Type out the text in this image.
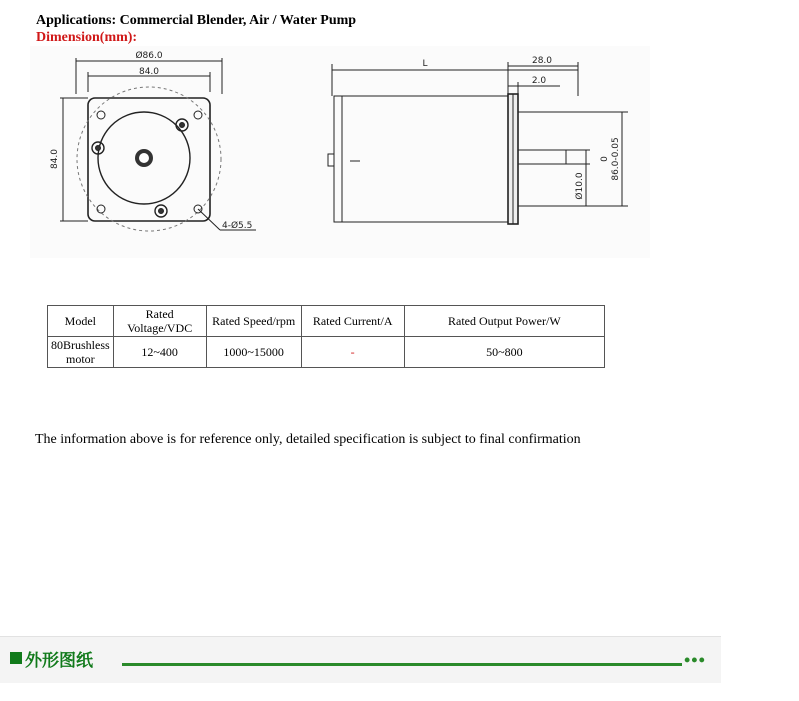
Applications: Commercial Blender, Air / Water Pump
Dimension(mm):
Ø86.0
84.0
84.0
4-Ø5.5
L	28.0
2.0
Ø10.0
0 86.0-0.05
Model	Rated Voltage/VDC	Rated Speed/rpm	Rated Current/A	Rated Output Power/W
80Brushless motor	12~400	1000~15000	-	50~800
The information above is for reference only, detailed specification is subject to final confirmation
外形图纸	•••
